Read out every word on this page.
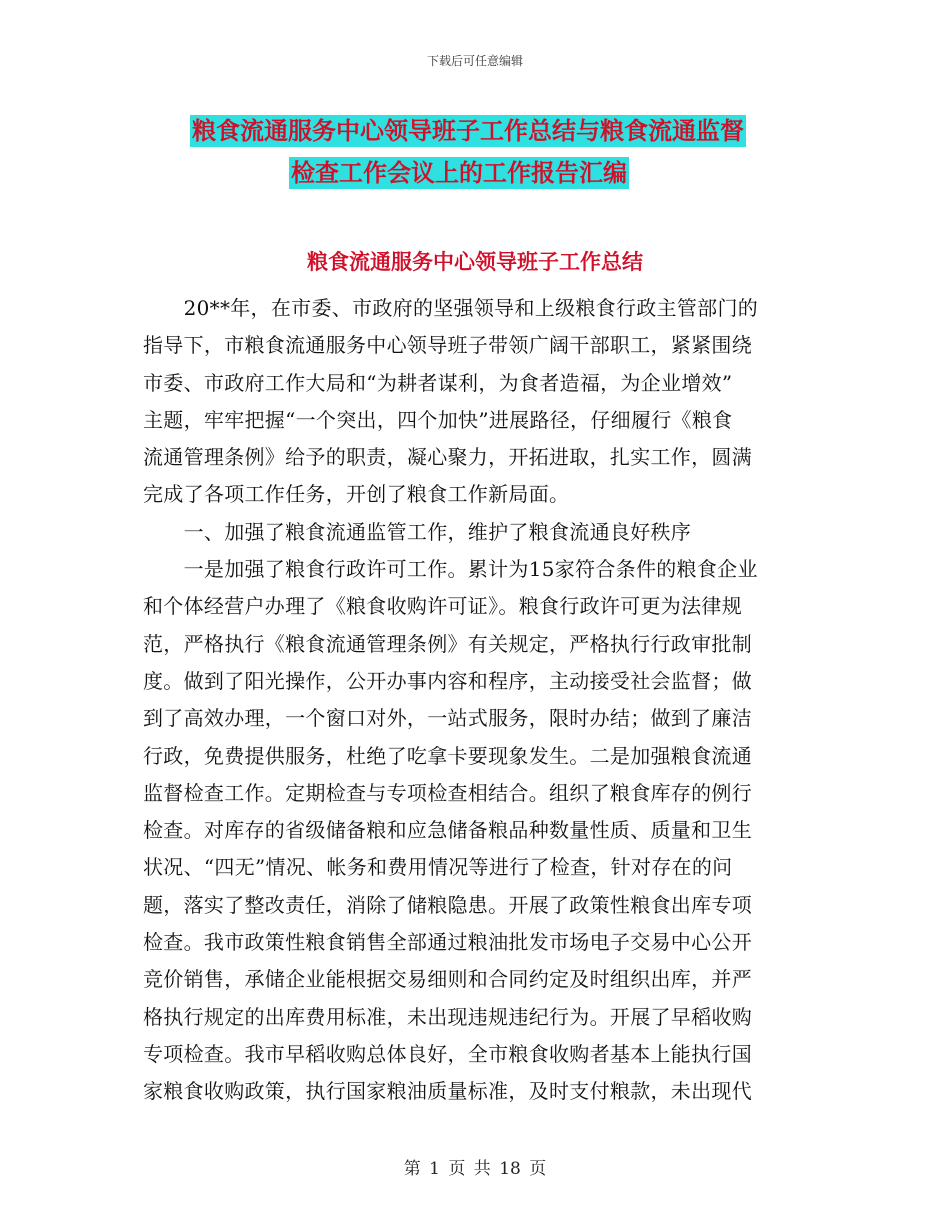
下载后可任意编辑
粮食流通服务中心领导班子工作总结与粮食流通监督
检查工作会议上的工作报告汇编
粮食流通服务中心领导班子工作总结
　　20**年，在市委、市政府的坚强领导和上级粮食行政主管部门的
指导下，市粮食流通服务中心领导班子带领广阔干部职工，紧紧围绕
市委、市政府工作大局和“为耕者谋利，为食者造福，为企业增效”
主题，牢牢把握“一个突出，四个加快”进展路径，仔细履行《粮食
流通管理条例》给予的职责，凝心聚力，开拓进取，扎实工作，圆满
完成了各项工作任务，开创了粮食工作新局面。
　　一、加强了粮食流通监管工作，维护了粮食流通良好秩序
　　一是加强了粮食行政许可工作。累计为15家符合条件的粮食企业
和个体经营户办理了《粮食收购许可证》。粮食行政许可更为法律规
范，严格执行《粮食流通管理条例》有关规定，严格执行行政审批制
度。做到了阳光操作，公开办事内容和程序，主动接受社会监督；做
到了高效办理，一个窗口对外，一站式服务，限时办结；做到了廉洁
行政，免费提供服务，杜绝了吃拿卡要现象发生。二是加强粮食流通
监督检查工作。定期检查与专项检查相结合。组织了粮食库存的例行
检查。对库存的省级储备粮和应急储备粮品种数量性质、质量和卫生
状况、“四无”情况、帐务和费用情况等进行了检查，针对存在的问
题，落实了整改责任，消除了储粮隐患。开展了政策性粮食出库专项
检查。我市政策性粮食销售全部通过粮油批发市场电子交易中心公开
竞价销售，承储企业能根据交易细则和合同约定及时组织出库，并严
格执行规定的出库费用标准，未出现违规违纪行为。开展了早稻收购
专项检查。我市早稻收购总体良好，全市粮食收购者基本上能执行国
家粮食收购政策，执行国家粮油质量标准，及时支付粮款，未出现代
第 1 页 共 18 页
